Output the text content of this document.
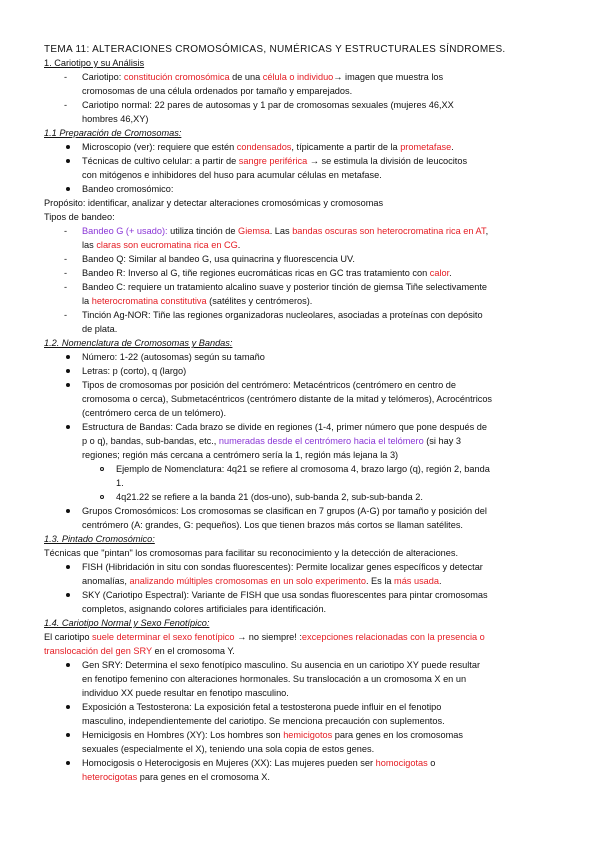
TEMA 11: ALTERACIONES CROMOSÓMICAS, NUMÉRICAS Y ESTRUCTURALES SÍNDROMES.
1. Cariotipo y su Análisis
- Cariotipo: constitución cromosómica de una célula o individuo→ imagen que muestra los
cromosomas de una célula ordenados por tamaño y emparejados.
- Cariotipo normal: 22 pares de autosomas y 1 par de cromosomas sexuales (mujeres 46,XX
hombres 46,XY)
1.1 Preparación de Cromosomas:
Microscopio (ver): requiere que estén condensados, típicamente a partir de la prometafase.
Técnicas de cultivo celular: a partir de sangre periférica → se estimula la división de leucocitos
con mitógenos e inhibidores del huso para acumular células en metafase.
Bandeo cromosómico:
Propósito: identificar, analizar y detectar alteraciones cromosómicas y cromosomas
Tipos de bandeo:
- Bandeo G (+ usado): utiliza tinción de Giemsa. Las bandas oscuras son heterocromatina rica en AT,
las claras son eucromatina rica en CG.
- Bandeo Q: Similar al bandeo G, usa quinacrina y fluorescencia UV.
- Bandeo R: Inverso al G, tiñe regiones eucromáticas ricas en GC tras tratamiento con calor.
- Bandeo C: requiere un tratamiento alcalino suave y posterior tinción de giemsa Tiñe selectivamente
la heterocromatina constitutiva (satélites y centrómeros).
- Tinción Ag-NOR: Tiñe las regiones organizadoras nucleolares, asociadas a proteínas con depósito
de plata.
1.2. Nomenclatura de Cromosomas y Bandas:
Número: 1-22 (autosomas) según su tamaño
Letras: p (corto), q (largo)
Tipos de cromosomas por posición del centrómero: Metacéntricos (centrómero en centro de
cromosoma o cerca), Submetacéntricos (centrómero distante de la mitad y telómeros), Acrocéntricos
(centrómero cerca de un telómero).
Estructura de Bandas: Cada brazo se divide en regiones (1-4, primer número que pone después de
p o q), bandas, sub-bandas, etc., numeradas desde el centrómero hacia el telómero (si hay 3
regiones; región más cercana a centrómero sería la 1, región más lejana la 3)
Ejemplo de Nomenclatura: 4q21 se refiere al cromosoma 4, brazo largo (q), región 2, banda
1.
4q21.22 se refiere a la banda 21 (dos-uno), sub-banda 2, sub-sub-banda 2.
Grupos Cromosómicos: Los cromosomas se clasifican en 7 grupos (A-G) por tamaño y posición del
centrómero (A: grandes, G: pequeños). Los que tienen brazos más cortos se llaman satélites.
1.3. Pintado Cromosómico:
Técnicas que "pintan" los cromosomas para facilitar su reconocimiento y la detección de alteraciones.
FISH (Hibridación in situ con sondas fluorescentes): Permite localizar genes específicos y detectar
anomalías, analizando múltiples cromosomas en un solo experimento. Es la más usada.
SKY (Cariotipo Espectral): Variante de FISH que usa sondas fluorescentes para pintar cromosomas
completos, asignando colores artificiales para identificación.
1.4. Cariotipo Normal y Sexo Fenotípico:
El cariotipo suele determinar el sexo fenotípico → no siempre! :excepciones relacionadas con la presencia o
translocación del gen SRY en el cromosoma Y.
Gen SRY: Determina el sexo fenotípico masculino. Su ausencia en un cariotipo XY puede resultar
en fenotipo femenino con alteraciones hormonales. Su translocación a un cromosoma X en un
individuo XX puede resultar en fenotipo masculino.
Exposición a Testosterona: La exposición fetal a testosterona puede influir en el fenotipo
masculino, independientemente del cariotipo. Se menciona precaución con suplementos.
Hemicigosis en Hombres (XY): Los hombres son hemicigotos para genes en los cromosomas
sexuales (especialmente el X), teniendo una sola copia de estos genes.
Homocigosis o Heterocigosis en Mujeres (XX): Las mujeres pueden ser homocigotas o
heterocigotas para genes en el cromosoma X.
